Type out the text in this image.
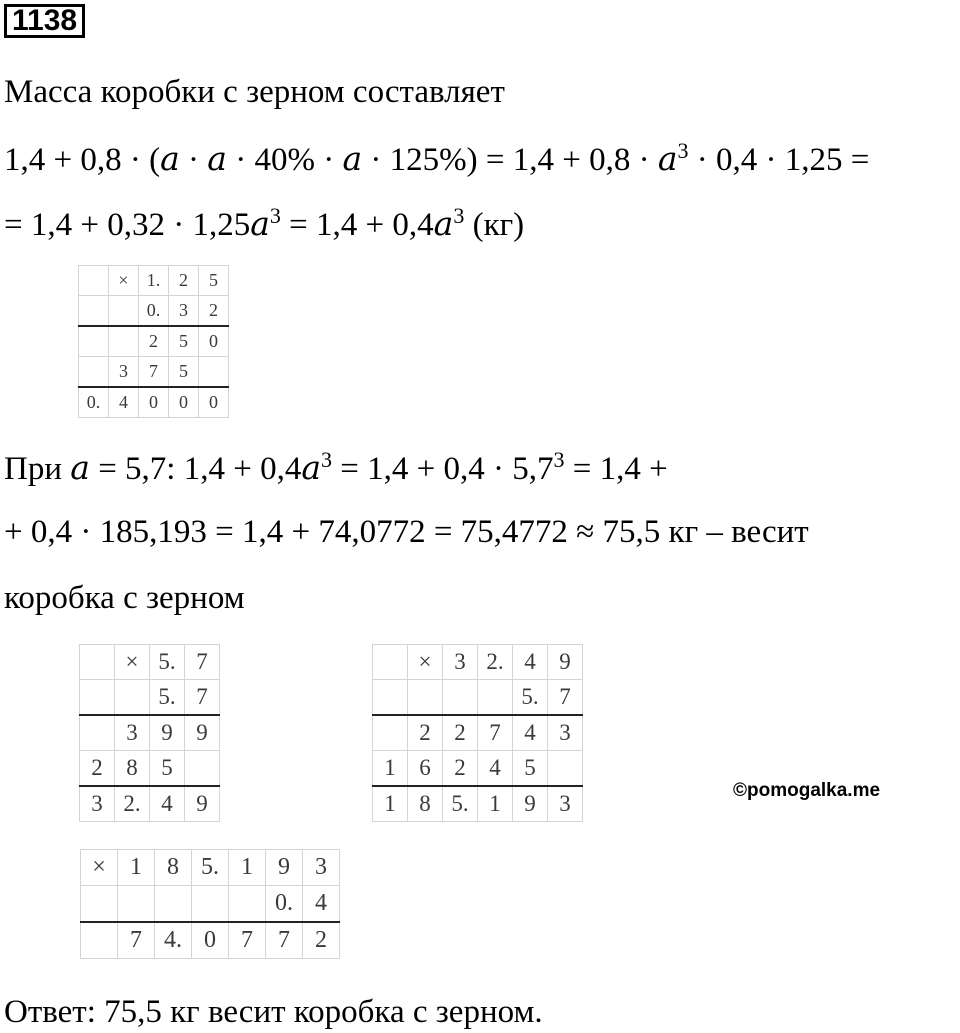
1138
Масса коробки с зерном составляет
$1,4 + 0,8 \cdot (a \cdot a \cdot 40\% \cdot a \cdot 125\%) = 1,4 + 0,8 \cdot a^3 \cdot 0,4 \cdot 1,25$ =
= $1,4 + 0,32 \cdot 1,25a^3 = 1,4 + 0,4a^3$ (кг)
	×	1.	2	5
		0.	3	2
		2	5	0
	3	7	5	
0.	4	0	0	0
При a = 5,7: $1,4 + 0,4a^3 = 1,4 + 0,4 \cdot 5,7^3 = 1,4$ +
+ 0,4 · 185,193 = 1,4 + 74,0772 = 75,4772 ≈ 75,5 кг – весит
коробка с зерном
	×	5.	7
		5.	7
	3	9	9
2	8	5	
3	2.	4	9
	×	3	2.	4	9
				5.	7
	2	2	7	4	3
1	6	2	4	5	
1	8	5.	1	9	3
©pomogalka.me
×	1	8	5.	1	9	3
					0.	4
	7	4.	0	7	7	2
Ответ: 75,5 кг весит коробка с зерном.
